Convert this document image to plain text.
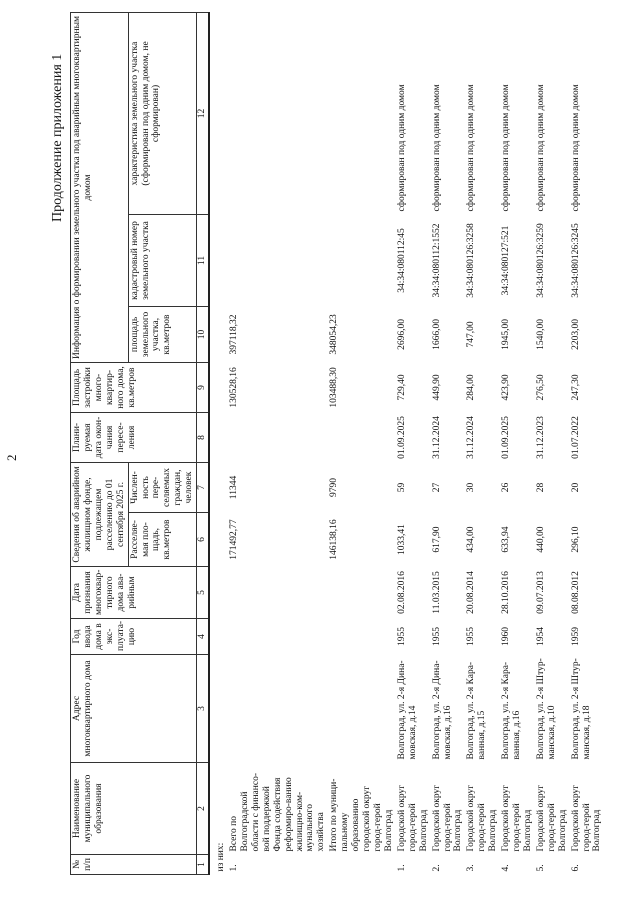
2
Продолжение приложения 1
№ п/п	Наименование муниципального образования	Адрес многоквартирного дома	Год ввода дома в экс-плуата-цию	Дата признания многоквар-тирного дома ава-рийным	Сведения об аварийном жилищном фонде, подлежащем расселению до 01 сентября 2025 г.		Плани-руемая дата окон-чания пересе-ления	Площадь застройки много-квартир-ного дома, кв.метров	Информация о формировании земельного участка под аварийным многоквартирным домом		
					Расселяе-мая пло-щадь, кв.метров	Числен-ность пере-селяемых граждан, человек			площадь земельного участка, кв.метров	кадастровый номер земельного участка	характеристика земельного участка (сформирован под одним домом, не сформирован)
1	2	3	4	5	6	7	8	9	10	11	12
из них:											
1.	Всего по Волгоградской области с финансо-вой поддержкой Фонда содействия реформиро-ванию жилищно-ком-мунального хозяйства				171492,77	11344		130528,16	397118,32		
	Итого по муници-пальному образованию городской округ город-герой Волгоград				146138,16	9790		103488,30	348054,23		
1.	Городской округ город-герой Волгоград	Волгоград, ул. 2-я Дина-мовская, д.14	1955	02.08.2016	1033,41	59	01.09.2025	729,40	2696,00	34:34:080112:45	сформирован под одним домом
2.	Городской округ город-герой Волгоград	Волгоград, ул. 2-я Дина-мовская, д.16	1955	11.03.2015	617,90	27	31.12.2024	449,90	1666,00	34:34:080112:1552	сформирован под одним домом
3.	Городской округ город-герой Волгоград	Волгоград, ул. 2-я Кара-ванная, д.15	1955	20.08.2014	434,00	30	31.12.2024	284,00	747,00	34:34:080126:3258	сформирован под одним домом
4.	Городской округ город-герой Волгоград	Волгоград, ул. 2-я Кара-ванная, д.16	1960	28.10.2016	633,94	26	01.09.2025	423,90	1945,00	34:34:080127:521	сформирован под одним домом
5.	Городской округ город-герой Волгоград	Волгоград, ул. 2-я Штур-манская, д.10	1954	09.07.2013	440,00	28	31.12.2023	276,50	1540,00	34:34:080126:3259	сформирован под одним домом
6.	Городской округ город-герой Волгоград	Волгоград, ул. 2-я Штур-манская, д.18	1959	08.08.2012	296,10	20	01.07.2022	247,30	2203,00	34:34:080126:3245	сформирован под одним домом
